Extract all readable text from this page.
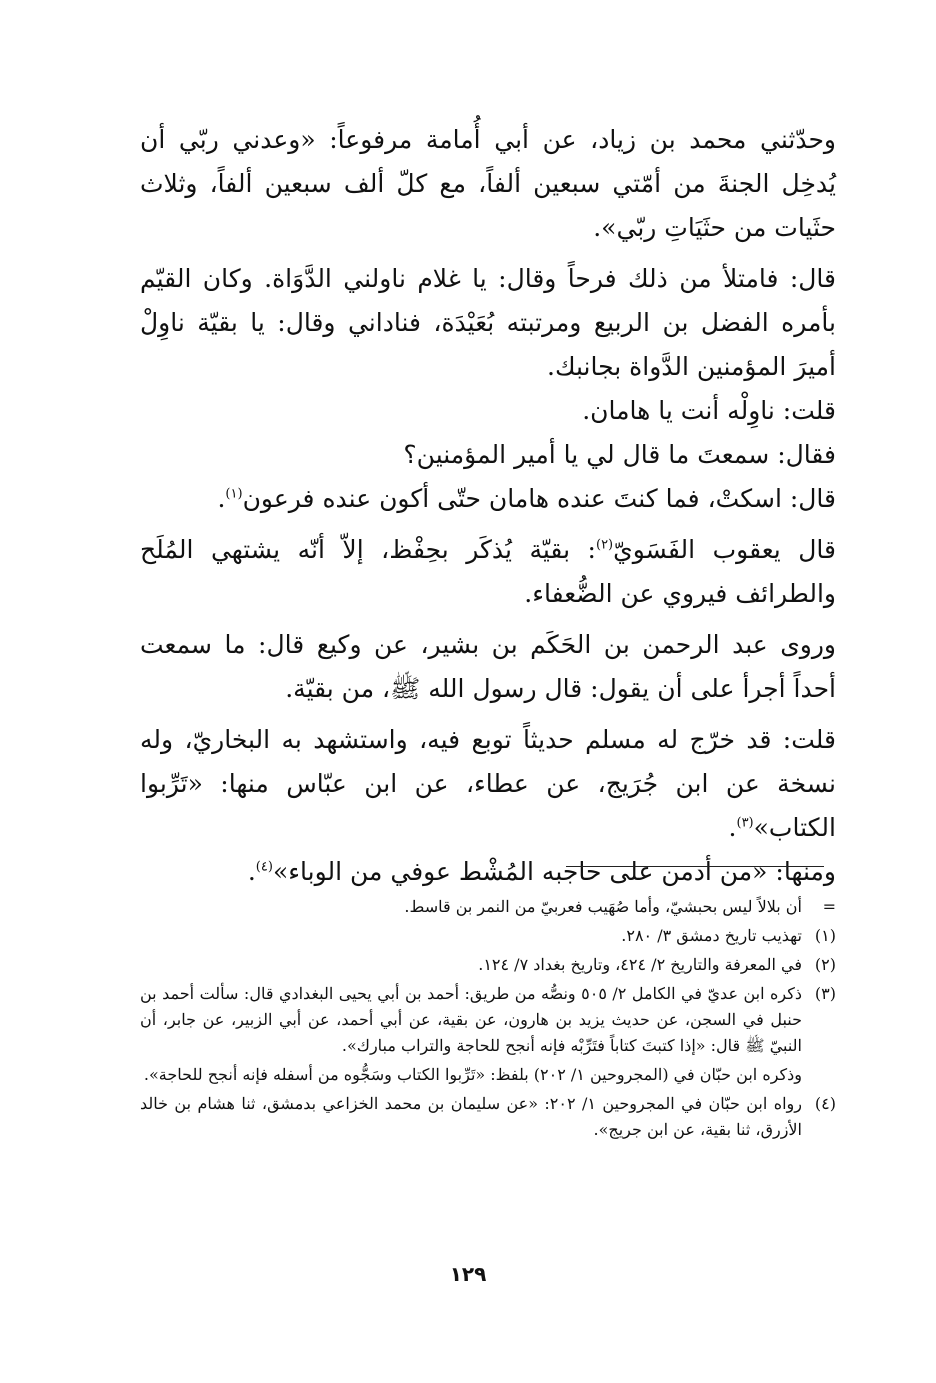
وحدّثني محمد بن زياد، عن أبي أُمامة مرفوعاً: «وعدني ربّي أن يُدخِل الجنةَ من أمّتي سبعين ألفاً، مع كلّ ألف سبعين ألفاً، وثلاث حثَيات من حثَيَاتِ ربّي».

قال: فامتلأ من ذلك فرحاً وقال: يا غلام ناولني الدَّوَاة. وكان القيّم بأمره الفضل بن الربيع ومرتبته بُعَيْدَة، فناداني وقال: يا بقيّة ناوِلْ أميرَ المؤمنين الدَّواة بجانبك.

قلت: ناوِلْه أنت يا هامان.

فقال: سمعتَ ما قال لي يا أمير المؤمنين؟

قال: اسكتْ، فما كنتَ عنده هامان حتّى أكون عنده فرعون$^{(١)}$.

قال يعقوب الفَسَويّ$^{(٢)}$: بقيّة يُذكَر بحِفْظ، إلاّ أنّه يشتهي المُلَح والطرائف فيروي عن الضُّعفاء.

وروى عبد الرحمن بن الحَكَم بن بشير، عن وكيع قال: ما سمعت أحداً أجرأ على أن يقول: قال رسول الله ﷺ، من بقيّة.

قلت: قد خرّج له مسلم حديثاً توبع فيه، واستشهد به البخاريّ، وله نسخة عن ابن جُرَيج، عن عطاء، عن ابن عبّاس منها: «تَرِّبوا الكتاب»$^{(٣)}$.

ومنها: «من أدمن على حاجبه المُشْط عوفي من الوباء»$^{(٤)}$.

=
أن بلالاً ليس بحبشيّ، وأما صُهَيب فعربيّ من النمر بن قاسط.
(١)
تهذيب تاريخ دمشق ٣/ ٢٨٠.
(٢)
في المعرفة والتاريخ ٢/ ٤٢٤، وتاريخ بغداد ٧/ ١٢٤.
(٣)
ذكره ابن عديّ في الكامل ٢/ ٥٠٥ ونصُّه من طريق: أحمد بن أبي يحيى البغدادي قال: سألت أحمد بن حنبل في السجن، عن حديث يزيد بن هارون، عن بقية، عن أبي أحمد، عن أبي الزبير، عن جابر، أن النبيّ ﷺ قال: «إذا كتبتَ كتاباً فتَرِّبْه فإنه أنجح للحاجة والتراب مبارك».
وذكره ابن حبّان في (المجروحين ١/ ٢٠٢) بلفظ: «تَرِّبوا الكتاب وسَجُّوه من أسفله فإنه أنجح للحاجة».
(٤)
رواه ابن حبّان في المجروحين ١/ ٢٠٢: «عن سليمان بن محمد الخزاعي بدمشق، ثنا هشام بن خالد الأزرق، ثنا بقية، عن ابن جريج».
١٢٩
